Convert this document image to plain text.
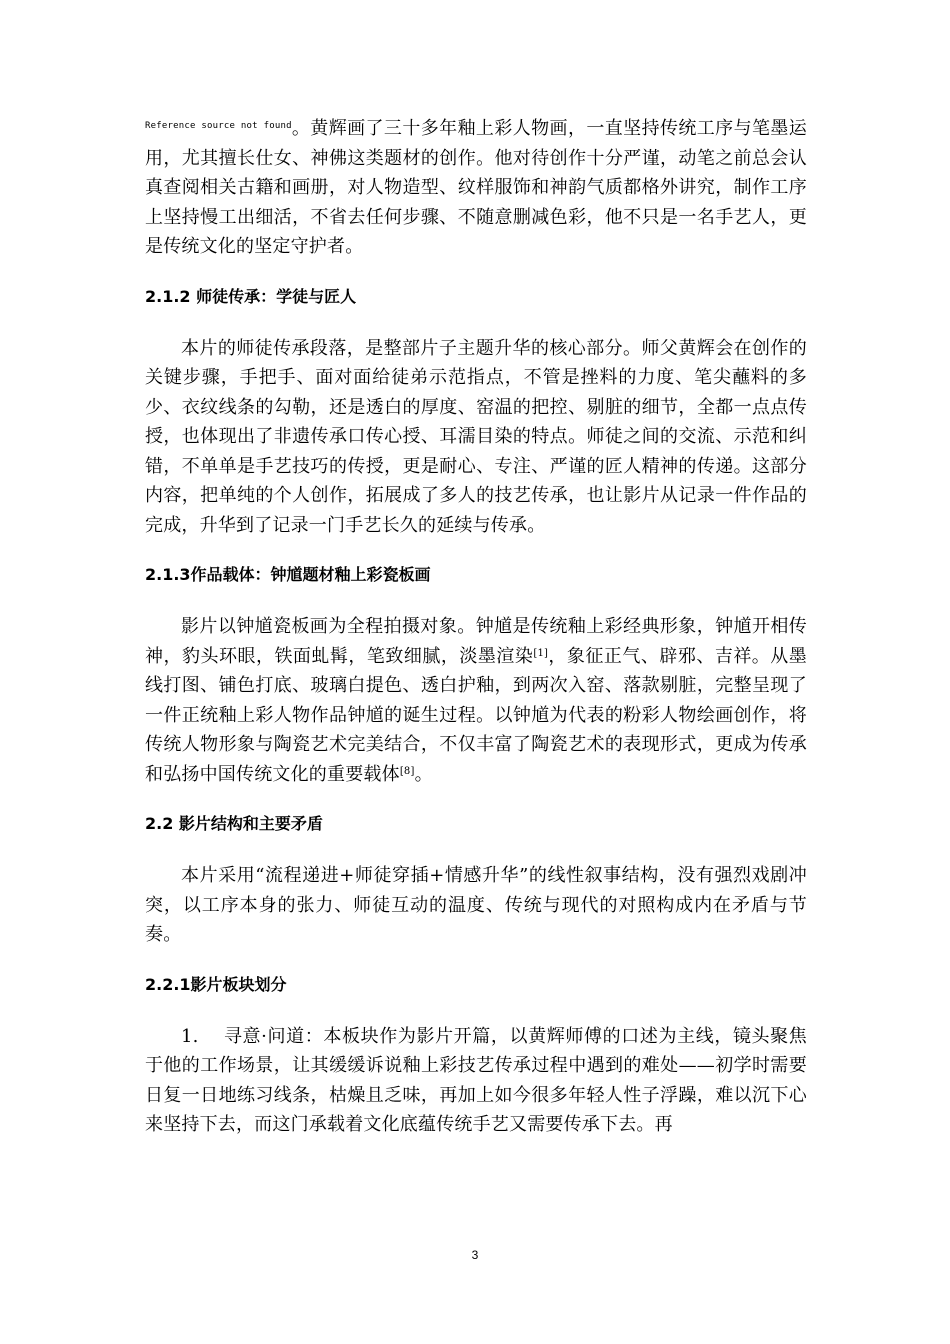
$^{Reference source not found}$。黄辉画了三十多年釉上彩人物画，一直坚持传统工序与笔墨运用，尤其擅长仕女、神佛这类题材的创作。他对待创作十分严谨，动笔之前总会认真查阅相关古籍和画册，对人物造型、纹样服饰和神韵气质都格外讲究，制作工序上坚持慢工出细活，不省去任何步骤、不随意删减色彩，他不只是一名手艺人，更是传统文化的坚定守护者。

2.1.2 师徒传承：学徒与匠人

本片的师徒传承段落，是整部片子主题升华的核心部分。师父黄辉会在创作的关键步骤，手把手、面对面给徒弟示范指点，不管是挫料的力度、笔尖蘸料的多少、衣纹线条的勾勒，还是透白的厚度、窑温的把控、剔脏的细节，全都一点点传授，也体现出了非遗传承口传心授、耳濡目染的特点。师徒之间的交流、示范和纠错，不单单是手艺技巧的传授，更是耐心、专注、严谨的匠人精神的传递。这部分内容，把单纯的个人创作，拓展成了多人的技艺传承，也让影片从记录一件作品的完成，升华到了记录一门手艺长久的延续与传承。

2.1.3作品载体：钟馗题材釉上彩瓷板画

影片以钟馗瓷板画为全程拍摄对象。钟馗是传统釉上彩经典形象，钟馗开相传神，豹头环眼，铁面虬髯，笔致细腻，淡墨渲染[1]，象征正气、辟邪、吉祥。从墨线打图、铺色打底、玻璃白提色、透白护釉，到两次入窑、落款剔脏，完整呈现了一件正统釉上彩人物作品钟馗的诞生过程。以钟馗为代表的粉彩人物绘画创作，将传统人物形象与陶瓷艺术完美结合，不仅丰富了陶瓷艺术的表现形式，更成为传承和弘扬中国传统文化的重要载体[8]。

2.2 影片结构和主要矛盾

本片采用“流程递进+师徒穿插+情感升华”的线性叙事结构，没有强烈戏剧冲突，以工序本身的张力、师徒互动的温度、传统与现代的对照构成内在矛盾与节奏。

2.2.1影片板块划分

1. 寻意·问道：本板块作为影片开篇，以黄辉师傅的口述为主线，镜头聚焦于他的工作场景，让其缓缓诉说釉上彩技艺传承过程中遇到的难处——初学时需要日复一日地练习线条，枯燥且乏味，再加上如今很多年轻人性子浮躁，难以沉下心来坚持下去，而这门承载着文化底蕴传统手艺又需要传承下去。再

3
